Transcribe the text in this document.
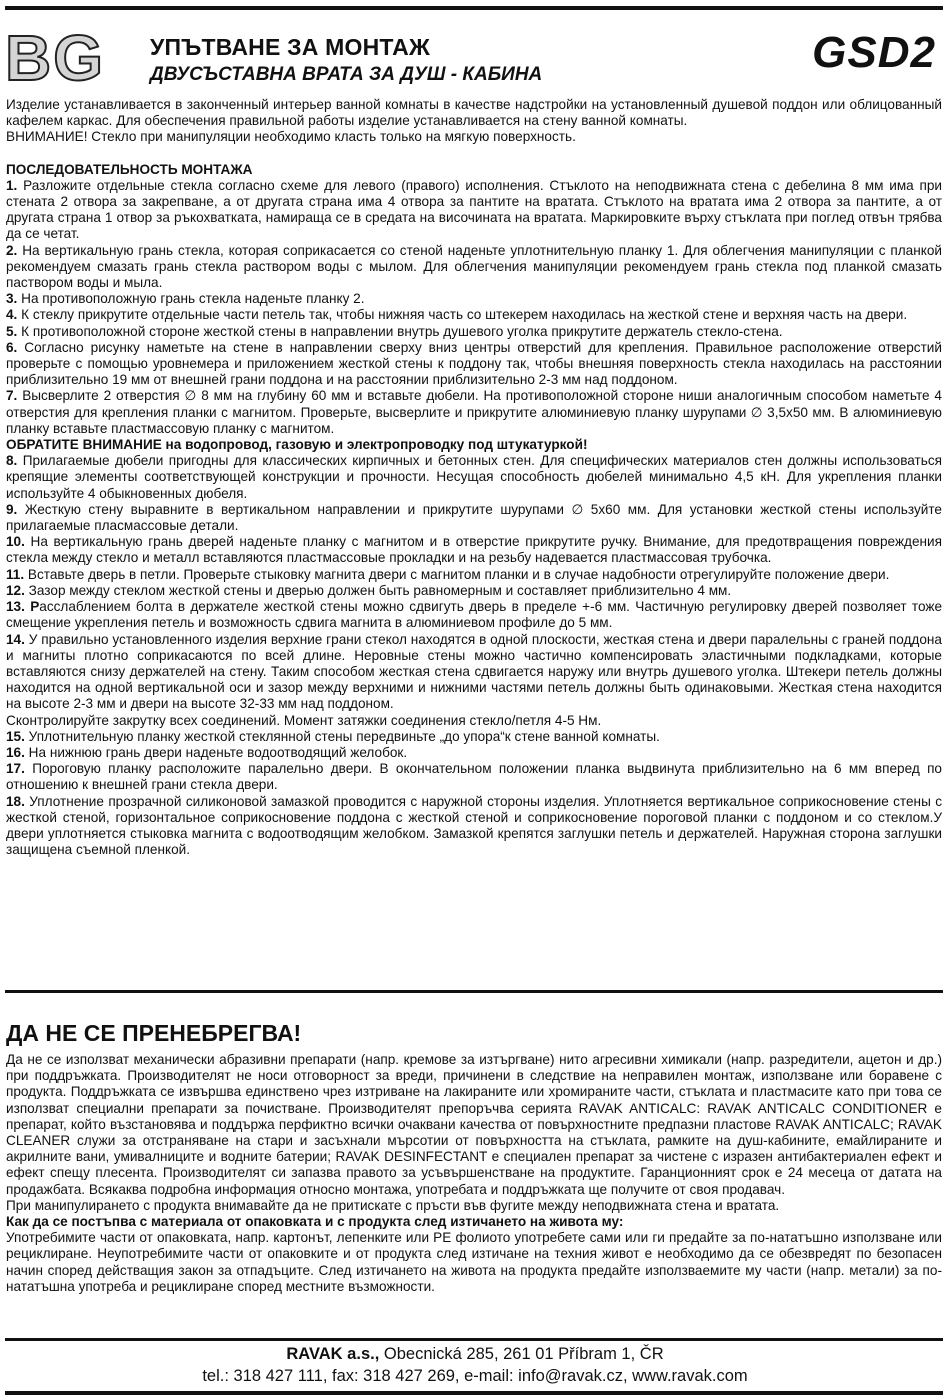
BG УПЪТВАНЕ ЗА МОНТАЖ
ДВУСЪСТАВНА ВРАТА ЗА ДУШ - КАБИНА	GSD2

Изделие устанавливается в законченный интерьер ванной комнаты в качестве надстройки на установленный душевой поддон или облицованный кафелем каркас. Для обеспечения правильной работы изделие устанавливается на стену ванной комнаты.

ВНИМАНИЕ! Стекло при манипуляции необходимо класть только на мягкую поверхность.

ПОСЛЕДОВАТЕЛЬНОСТЬ МОНТАЖА

1. Разложите отдельные стекла согласно схеме для левого (правого) исполнения. Стъклото на неподвижната стена с дебелина 8 мм има при стената 2 отвора за закрепване, а от другата страна има 4 отвора за пантите на вратата. Стъклото на вратата има 2 отвора за пантите, а от другата страна 1 отвор за ръкохватката, намираща се в средата на височината на вратата. Маркировките върху стъклата при поглед отвън трябва да се четат.

2. На вертикальную грань стекла, которая соприкасается со стеной наденьте уплотнительную планку 1. Для облегчения манипуляции с планкой рекомендуем смазать грань стекла раствором воды с мылом. Для облегчения манипуляции рекомендуем грань стекла под планкой смазать паствором воды и мыла.

3. На противоположную грань стекла наденьте планку 2.

4. К стеклу прикрутите отдельные части петель так, чтобы нижняя часть со штекерем находилась на жесткой стене и верхняя часть на двери.

5. К противоположной стороне жесткой стены в направлении внутрь душевого уголка прикрутите держатель стекло-стена.

6. Согласно рисунку наметьте на стене в направлении сверху вниз центры отверстий для крепления. Правильное расположение отверстий проверьте с помощью уровнемера и приложением жесткой стены к поддону так, чтобы внешняя поверхность стекла находилась на расстоянии приблизительно 19 мм от внешней грани поддона и на расстоянии приблизительно 2-3 мм над поддоном.

7. Высверлите 2 отверстия ∅ 8 мм на глубину 60 мм и вставьте дюбели. На противоположной стороне ниши аналогичным способом наметьте 4 отверстия для крепления планки с магнитом. Проверьте, высверлите и прикрутите алюминиевую планку шурупами ∅ 3,5x50 мм. В алюминиевую планку вставьте пластмассовую планку с магнитом.

ОБРАТИТЕ ВНИМАНИЕ на водопровод, газовую и электропроводку под штукатуркой!

8. Прилагаемые дюбели пригодны для классических кирпичных и бетонных стен. Для специфических материалов стен должны использоваться крепящие элементы соответствующей конструкции и прочности. Несущая способность дюбелей минимально 4,5 кН. Для укрепления планки используйте 4 обыкновенных дюбеля.

9. Жесткую стену выравните в вертикальном направлении и прикрутите шурупами ∅ 5x60 мм. Для установки жесткой стены используйте прилагаемые пласмассовые детали.

10. На вертикальную грань дверей наденьте планку с магнитом и в отверстие прикрутите ручку. Внимание, для предотвращения повреждения стекла между стекло и металл вставляются пластмассовые прокладки и на резьбу надевается пластмассовая трубочка.

11. Вставьте дверь в петли. Проверьте стыковку магнита двери с магнитом планки и в случае надобности отрегулируйте положение двери.

12. Зазор между стеклом жесткой стены и дверью должен быть равномерным и составляет приблизительно 4 мм.

13. Расслаблением болта в держателе жесткой стены можно сдвигуть дверь в пределе +-6 мм. Частичную регулировку дверей позволяет тоже смещение укрепления петель и возможность сдвига магнита в алюминиевом профиле до 5 мм.

14. У правильно установленного изделия верхние грани стекол находятся в одной плоскости, жесткая стена и двери паралельны с граней поддона и магниты плотно соприкасаются по всей длине. Неровные стены можно частично компенсировать эластичными подкладками, которые вставляются снизу держателей на стену. Таким способом жесткая стена сдвигается наружу или внутрь душевого уголка. Штекери петель должны находится на одной вертикальной оси и зазор между верхними и нижними частями петель должны быть одинаковыми. Жесткая стена находится на высоте 2-3 мм и двери на высоте 32-33 мм над поддоном.

Сконтролируйте закрутку всех соединений. Момент затяжки соединения стекло/петля 4-5 Нм.

15. Уплотнительную планку жесткой стеклянной стены передвиньте „до упора“к стене ванной комнаты.

16. На нижнюю грань двери наденьте водоотводящий желобок.

17. Пороговую планку расположите паралельно двери. В окончательном положении планка выдвинута приблизительно на 6 мм вперед по отношению к внешней грани стекла двери.

18. Уплотнение прозрачной силиконовой замазкой проводится с наружной стороны изделия. Уплотняется вертикальное соприкосновение стены с жесткой стеной, горизонтальное соприкосновение поддона с жесткой стеной и соприкосновение пороговой планки с поддоном и со стеклом.У двери уплотняется стыковка магнита с водоотводящим желобком. Замазкой крепятся заглушки петель и держателей. Наружная сторона заглушки защищена съемной пленкой.

ДА НЕ СЕ ПРЕНЕБРЕГВА!

Да не се използват механически абразивни препарати (напр. кремове за изтъргване) нито агресивни химикали (напр. разредители, ацетон и др.) при поддръжката. Производителят не носи отговорност за вреди, причинени в следствие на неправилен монтаж, използване или боравене с продукта. Поддръжката се извършва единствено чрез изтриване на лакираните или хромираните части, стъклата и пластмасите като при това се използват специални препарати за почистване. Производителят препоръчва серията RAVAK ANTICALC: RAVAK ANTICALC CONDITIONER е препарат, който възстановява и поддържа перфиктно всички очаквани качества от повърхностните предпазни пластове RAVAK ANTICALC; RAVAK CLEANER служи за отстраняване на стари и засъхнали мърсотии от повърхността на стъклата, рамките на душ-кабините, емайлираните и акрилните вани, умивалниците и водните батерии; RAVAK DESINFECTANT е специален препарат за чистене с изразен антибактериален ефект и ефект спещу плесента. Производителят си запазва правото за усъвършенстване на продуктите. Гаранционният срок е 24 месеца от датата на продажбата. Всякаква подробна информация относно монтажа, употребата и поддръжката ще получите от своя продавач.

При манипулирането с продукта внимавайте да не притискате с пръсти във фугите между неподвижната стена и вратата.

Как да се постъпва с материала от опаковката и с продукта след изтичането на живота му:

Употребимите части от опаковката, напр. картонът, лепенките или PE фолиото употребете сами или ги предайте за по-нататъшно използване или рециклиране. Неупотребимите части от опаковките и от продукта след изтичане на техния живот е необходимо да се обезвредят по безопасен начин според действащия закон за отпадъците. След изтичането на живота на продукта предайте използваемите му части (напр. метали) за по-нататъшна употреба и рециклиране според местните възможности.

RAVAK a.s., Obecnická 285, 261 01 Příbram 1, ČR
tel.: 318 427 111, fax: 318 427 269, e-mail: info@ravak.cz, www.ravak.com
